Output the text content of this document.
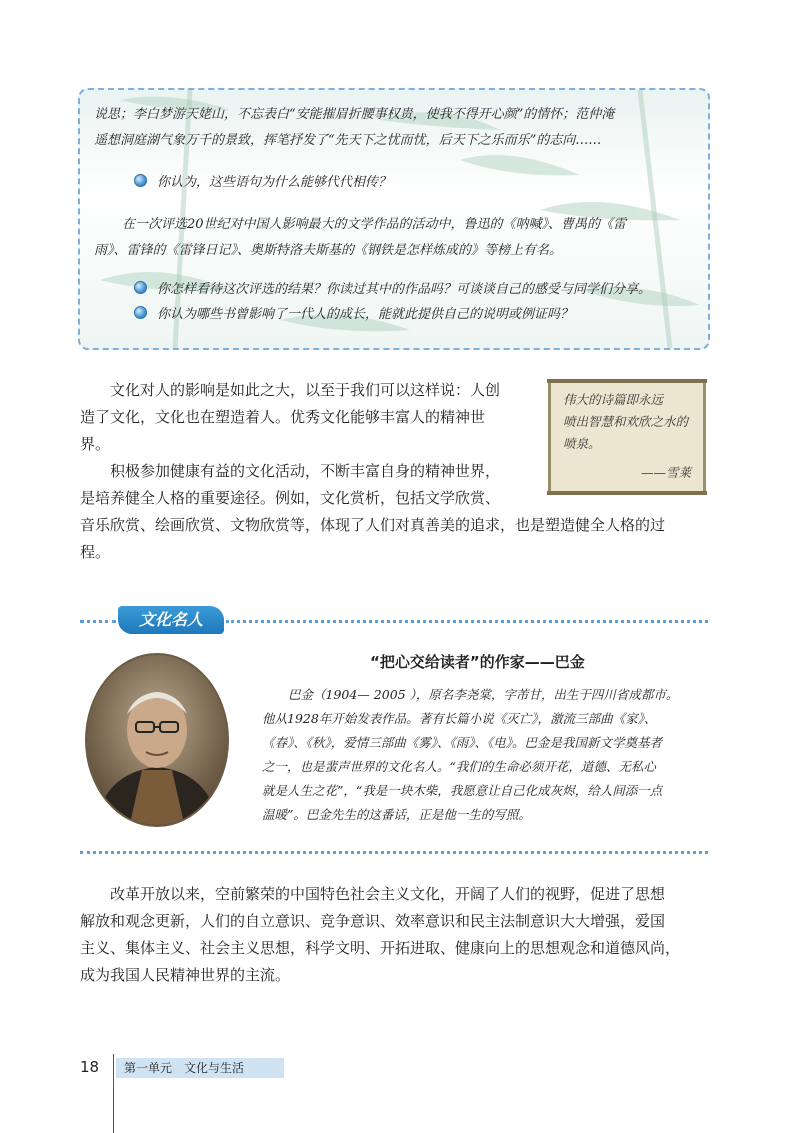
说思；李白梦游天姥山，不忘表白“安能摧眉折腰事权贵，使我不得开心颜”的情怀；范仲淹

遥想洞庭湖气象万千的景致，挥笔抒发了“先天下之忧而忧，后天下之乐而乐”的志向……

你认为，这些语句为什么能够代代相传？

在一次评选20世纪对中国人影响最大的文学作品的活动中，鲁迅的《呐喊》、曹禺的《雷

雨》、雷锋的《雷锋日记》、奥斯特洛夫斯基的《钢铁是怎样炼成的》等榜上有名。

你怎样看待这次评选的结果？你读过其中的作品吗？可谈谈自己的感受与同学们分享。
你认为哪些书曾影响了一代人的成长，能就此提供自己的说明或例证吗？

文化对人的影响是如此之大，以至于我们可以这样说：人创

造了文化，文化也在塑造着人。优秀文化能够丰富人的精神世

界。

积极参加健康有益的文化活动，不断丰富自身的精神世界，

是培养健全人格的重要途径。例如，文化赏析，包括文学欣赏、

音乐欣赏、绘画欣赏、文物欣赏等，体现了人们对真善美的追求，也是塑造健全人格的过

程。

伟大的诗篇即永远
喷出智慧和欢欣之水的
喷泉。
——雪莱
文化名人
“把心交给读者”的作家——巴金
巴金（1904— 2005 ），原名李尧棠，字芾甘，出生于四川省成都市。
他从1928年开始发表作品。著有长篇小说《灭亡》，激流三部曲《家》、
《春》、《秋》，爱情三部曲《雾》、《雨》、《电》。巴金是我国新文学奠基者
之一，也是蜚声世界的文化名人。“我们的生命必须开花，道德、无私心
就是人生之花”，“我是一块木柴，我愿意让自己化成灰烬，给人间添一点
温暖”。巴金先生的这番话，正是他一生的写照。

改革开放以来，空前繁荣的中国特色社会主义文化，开阔了人们的视野，促进了思想

解放和观念更新，人们的自立意识、竞争意识、效率意识和民主法制意识大大增强，爱国

主义、集体主义、社会主义思想，科学文明、开拓进取、健康向上的思想观念和道德风尚，

成为我国人民精神世界的主流。

18	第一单元　文化与生活
